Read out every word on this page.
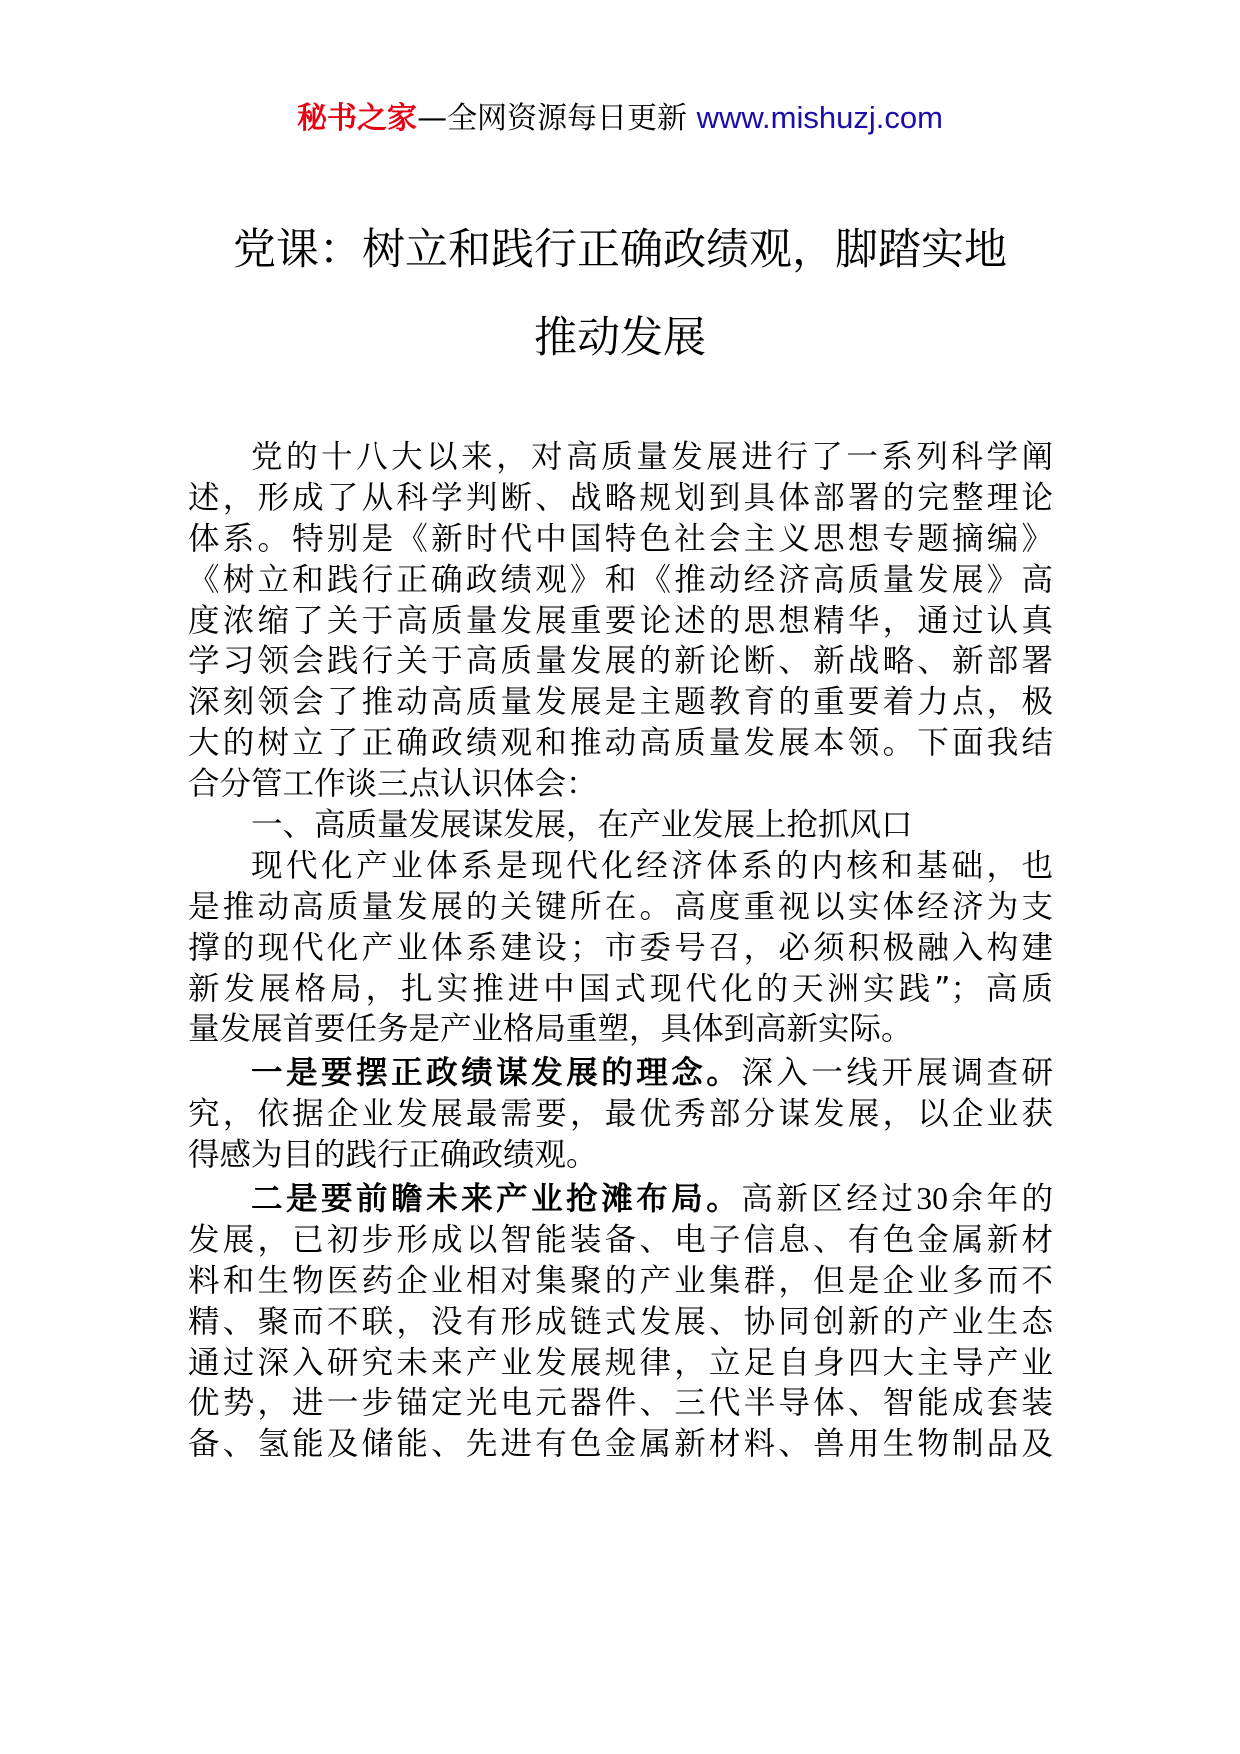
秘书之家—全网资源每日更新 www.mishuzj.com
党课：树立和践行正确政绩观，脚踏实地
推动发展
党的十八大以来，对高质量发展进行了一系列科学阐
述，形成了从科学判断、战略规划到具体部署的完整理论
体系。特别是《新时代中国特色社会主义思想专题摘编》
《树立和践行正确政绩观》和《推动经济高质量发展》高
度浓缩了关于高质量发展重要论述的思想精华，通过认真
学习领会践行关于高质量发展的新论断、新战略、新部署
深刻领会了推动高质量发展是主题教育的重要着力点，极
大的树立了正确政绩观和推动高质量发展本领。下面我结
合分管工作谈三点认识体会：
一、高质量发展谋发展，在产业发展上抢抓风口
现代化产业体系是现代化经济体系的内核和基础，也
是推动高质量发展的关键所在。高度重视以实体经济为支
撑的现代化产业体系建设；市委号召，必须积极融入构建
新发展格局，扎实推进中国式现代化的天洲实践”；高质
量发展首要任务是产业格局重塑，具体到高新实际。
一是要摆正政绩谋发展的理念。深入一线开展调查研
究，依据企业发展最需要，最优秀部分谋发展，以企业获
得感为目的践行正确政绩观。
二是要前瞻未来产业抢滩布局。高新区经过30余年的
发展，已初步形成以智能装备、电子信息、有色金属新材
料和生物医药企业相对集聚的产业集群，但是企业多而不
精、聚而不联，没有形成链式发展、协同创新的产业生态
通过深入研究未来产业发展规律，立足自身四大主导产业
优势，进一步锚定光电元器件、三代半导体、智能成套装
备、氢能及储能、先进有色金属新材料、兽用生物制品及
